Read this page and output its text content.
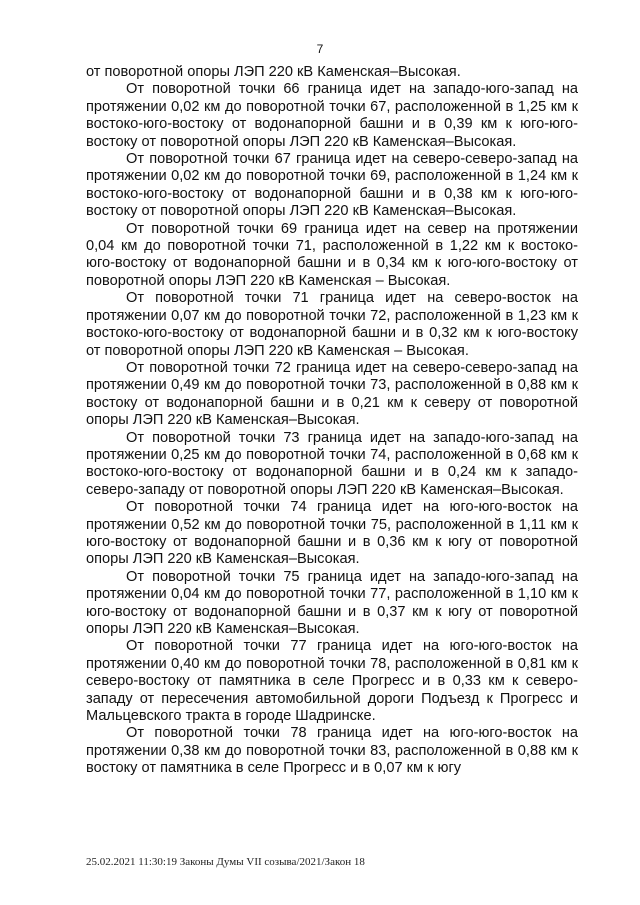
7

от поворотной опоры ЛЭП 220 кВ Каменская–Высокая.

От поворотной точки 66 граница идет на западо-юго-запад на протяжении 0,02 км до поворотной точки 67, расположенной в 1,25 км к востоко-юго-востоку от водонапорной башни и в 0,39 км к юго-юго-востоку от поворотной опоры ЛЭП 220 кВ Каменская–Высокая.

От поворотной точки 67 граница идет на северо-северо-запад на протяжении 0,02 км до поворотной точки 69, расположенной в 1,24 км к востоко-юго-востоку от водонапорной башни и в 0,38 км к юго-юго-востоку от поворотной опоры ЛЭП 220 кВ Каменская–Высокая.

От поворотной точки 69 граница идет на север на протяжении 0,04 км до поворотной точки 71, расположенной в 1,22 км к востоко-юго-востоку от водонапорной башни и в 0,34 км к юго-юго-востоку от поворотной опоры ЛЭП 220 кВ Каменская – Высокая.

От поворотной точки 71 граница идет на северо-восток на протяжении 0,07 км до поворотной точки 72, расположенной в 1,23 км к востоко-юго-востоку от водонапорной башни и в 0,32 км к юго-востоку от поворотной опоры ЛЭП 220 кВ Каменская – Высокая.

От поворотной точки 72 граница идет на северо-северо-запад на протяжении 0,49 км до поворотной точки 73, расположенной в 0,88 км к востоку от водонапорной башни и в 0,21 км к северу от поворотной опоры ЛЭП 220 кВ Каменская–Высокая.

От поворотной точки 73 граница идет на западо-юго-запад на протяжении 0,25 км до поворотной точки 74, расположенной в 0,68 км к востоко-юго-востоку от водонапорной башни и в 0,24 км к западо-северо-западу от поворотной опоры ЛЭП 220 кВ Каменская–Высокая.

От поворотной точки 74 граница идет на юго-юго-восток на протяжении 0,52 км до поворотной точки 75, расположенной в 1,11 км к юго-востоку от водонапорной башни и в 0,36 км к югу от поворотной опоры ЛЭП 220 кВ Каменская–Высокая.

От поворотной точки 75 граница идет на западо-юго-запад на протяжении 0,04 км до поворотной точки 77, расположенной в 1,10 км к юго-востоку от водонапорной башни и в 0,37 км к югу от поворотной опоры ЛЭП 220 кВ Каменская–Высокая.

От поворотной точки 77 граница идет на юго-юго-восток на протяжении 0,40 км до поворотной точки 78, расположенной в 0,81 км к северо-востоку от памятника в селе Прогресс и в 0,33 км к северо-западу от пересечения автомобильной дороги Подъезд к Прогресс и Мальцевского тракта в городе Шадринске.

От поворотной точки 78 граница идет на юго-юго-восток на протяжении 0,38 км до поворотной точки 83, расположенной в 0,88 км к востоку от памятника в селе Прогресс и в 0,07 км к югу

25.02.2021 11:30:19 Законы Думы VII созыва/2021/Закон 18
